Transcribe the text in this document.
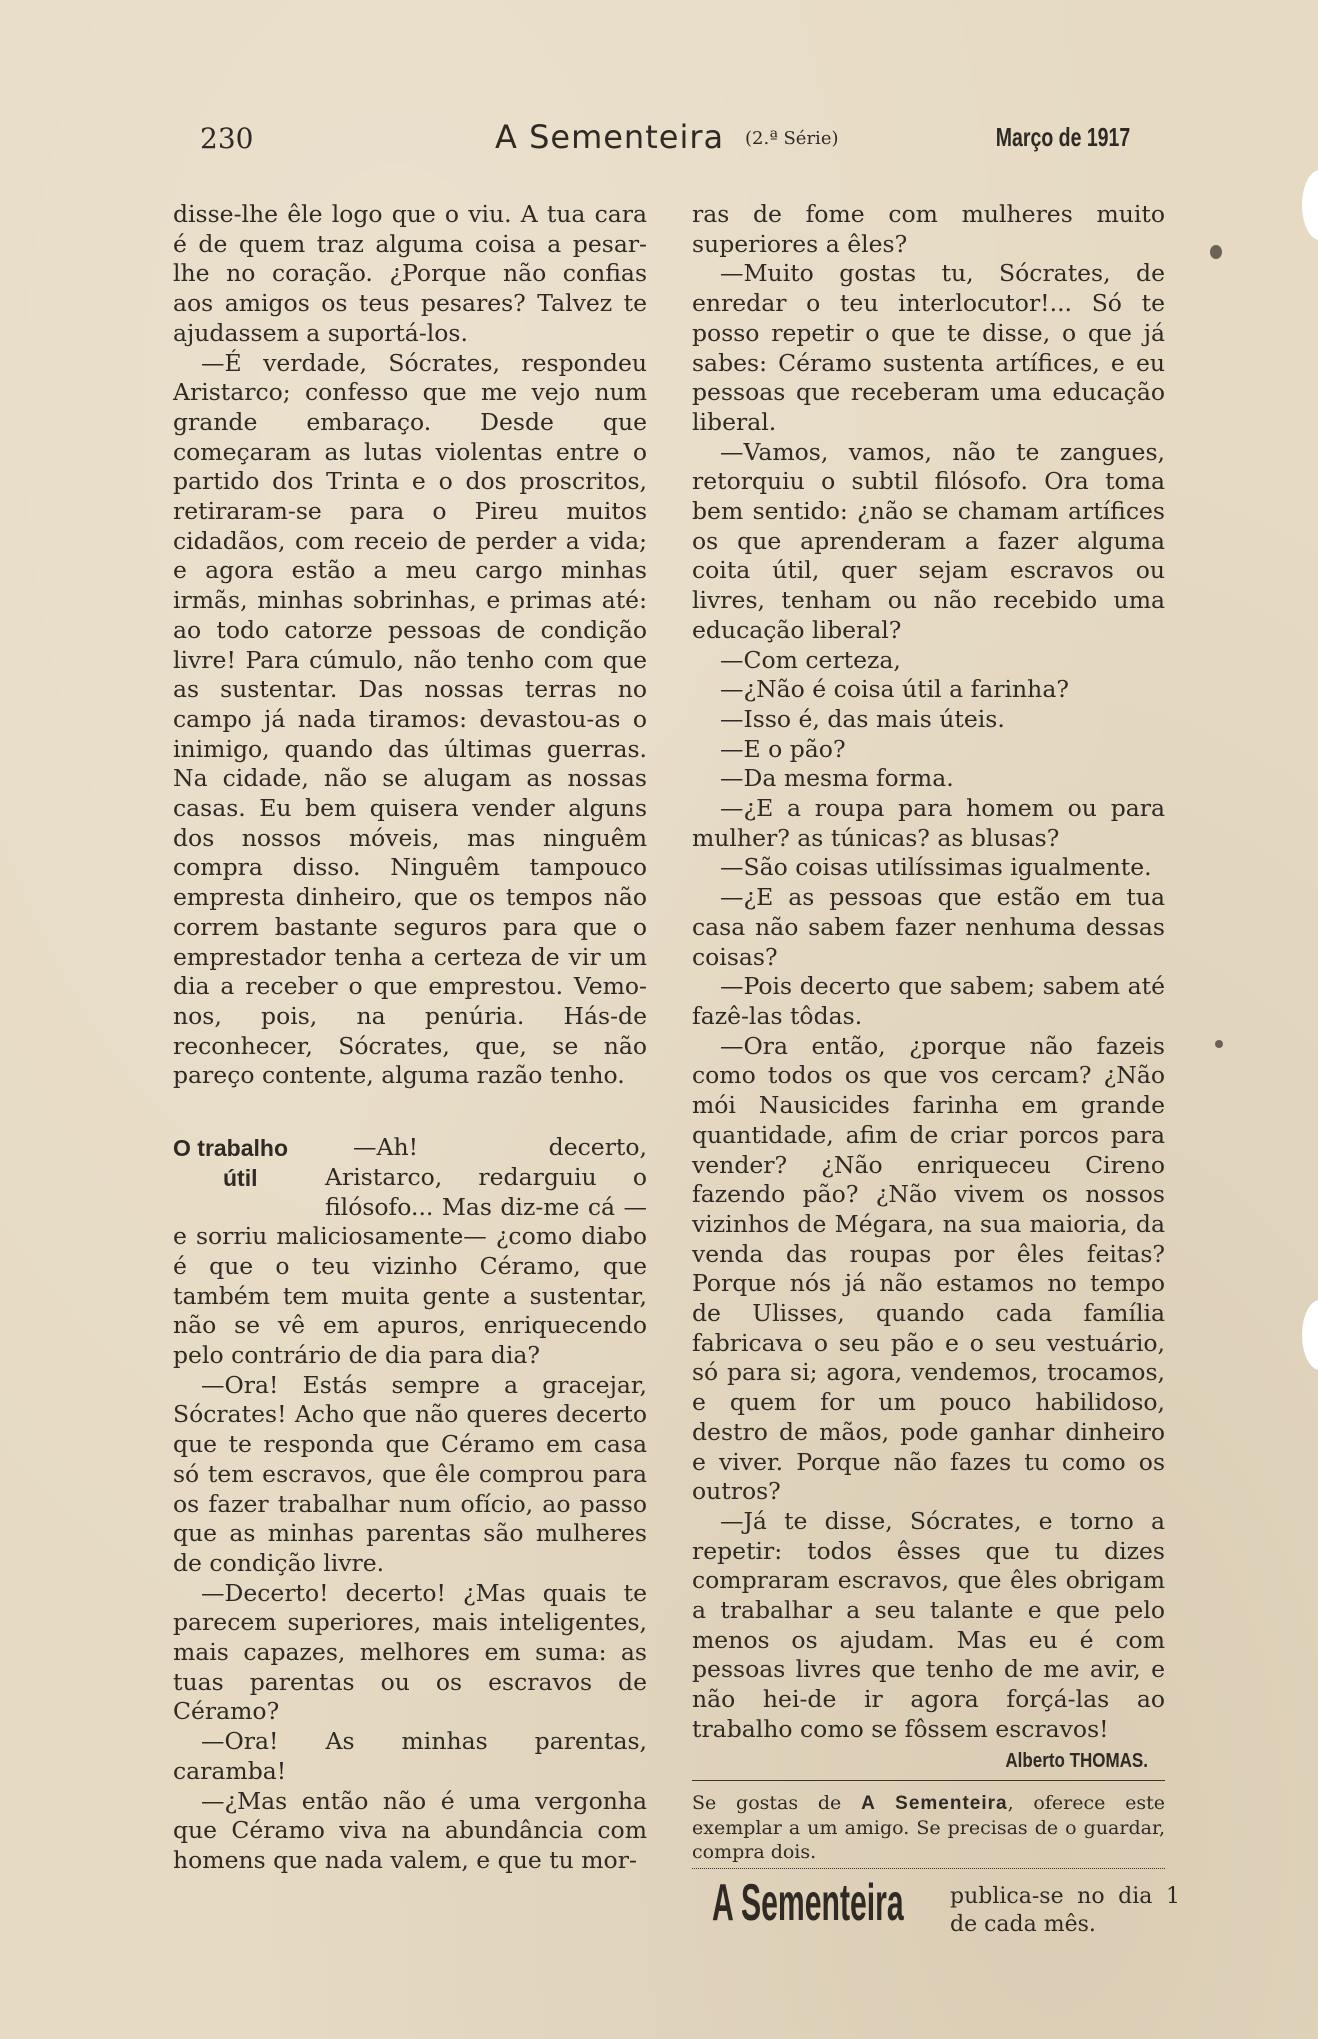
230	A Sementeira (2.ª Série)	Março de 1917

disse-lhe êle logo que o viu. A tua cara é de quem traz alguma coisa a pesar-lhe no coração. ¿Porque não confias aos amigos os teus pesares? Talvez te ajudassem a suportá-los.

—É verdade, Sócrates, respondeu Aristarco; confesso que me vejo num grande embaraço. Desde que começaram as lutas violentas entre o partido dos Trinta e o dos proscritos, retiraram-se para o Pireu muitos cidadãos, com receio de perder a vida; e agora estão a meu cargo minhas irmãs, minhas sobrinhas, e primas até: ao todo catorze pessoas de condição livre! Para cúmulo, não tenho com que as sustentar. Das nossas terras no campo já nada tiramos: devastou-as o inimigo, quando das últimas guerras. Na cidade, não se alugam as nossas casas. Eu bem quisera vender alguns dos nossos móveis, mas ninguêm compra disso. Ninguêm tampouco empresta dinheiro, que os tempos não correm bastante seguros para que o emprestador tenha a certeza de vir um dia a receber o que emprestou. Vemo-nos, pois, na penúria. Hás-de reconhecer, Sócrates, que, se não pareço contente, alguma razão tenho.

O trabalho
útil

—Ah! decerto, Aristarco, redarguiu o filósofo... Mas diz-me cá —e sorriu maliciosamente— ¿como diabo é que o teu vizinho Céramo, que também tem muita gente a sustentar, não se vê em apuros, enriquecendo pelo contrário de dia para dia?

—Ora! Estás sempre a gracejar, Sócrates! Acho que não queres decerto que te responda que Céramo em casa só tem escravos, que êle comprou para os fazer trabalhar num ofício, ao passo que as minhas parentas são mulheres de condição livre.

—Decerto! decerto! ¿Mas quais te parecem superiores, mais inteligentes, mais capazes, melhores em suma: as tuas parentas ou os escravos de Céramo?

—Ora! As minhas parentas, caramba!

—¿Mas então não é uma vergonha que Céramo viva na abundância com homens que nada valem, e que tu mor-

ras de fome com mulheres muito superiores a êles?

—Muito gostas tu, Sócrates, de enredar o teu interlocutor!... Só te posso repetir o que te disse, o que já sabes: Céramo sustenta artífices, e eu pessoas que receberam uma educação liberal.

—Vamos, vamos, não te zangues, retorquiu o subtil filósofo. Ora toma bem sentido: ¿não se chamam artífices os que aprenderam a fazer alguma coita útil, quer sejam escravos ou livres, tenham ou não recebido uma educação liberal?

—Com certeza,

—¿Não é coisa útil a farinha?

—Isso é, das mais úteis.

—E o pão?

—Da mesma forma.

—¿E a roupa para homem ou para mulher? as túnicas? as blusas?

—São coisas utilíssimas igualmente.

—¿E as pessoas que estão em tua casa não sabem fazer nenhuma dessas coisas?

—Pois decerto que sabem; sabem até fazê-las tôdas.

—Ora então, ¿porque não fazeis como todos os que vos cercam? ¿Não mói Nausicides farinha em grande quantidade, afim de criar porcos para vender? ¿Não enriqueceu Cireno fazendo pão? ¿Não vivem os nossos vizinhos de Mégara, na sua maioria, da venda das roupas por êles feitas? Porque nós já não estamos no tempo de Ulisses, quando cada família fabricava o seu pão e o seu vestuário, só para si; agora, vendemos, trocamos, e quem for um pouco habilidoso, destro de mãos, pode ganhar dinheiro e viver. Porque não fazes tu como os outros?

—Já te disse, Sócrates, e torno a repetir: todos êsses que tu dizes compraram escravos, que êles obrigam a trabalhar a seu talante e que pelo menos os ajudam. Mas eu é com pessoas livres que tenho de me avir, e não hei-de ir agora forçá-las ao trabalho como se fôssem escravos!

Alberto THOMAS.
Se gostas de A Sementeira, oferece este exemplar a um amigo. Se precisas de o guardar, compra dois.
A Sementeira publica-se no dia 1 de cada mês.
